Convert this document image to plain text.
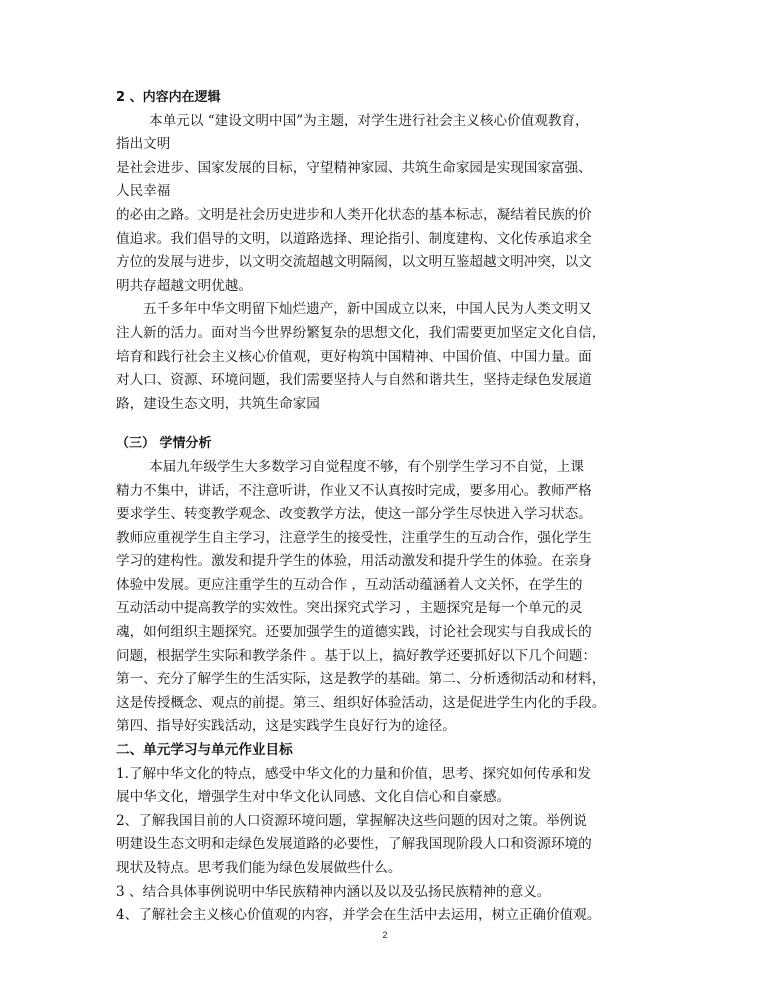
2 、内容内在逻辑
本单元以 “建设文明中国”为主题，对学生进行社会主义核心价值观教育，
指出文明
是社会进步、国家发展的目标，守望精神家园、共筑生命家园是实现国家富强、
人民幸福
的必由之路。文明是社会历史进步和人类开化状态的基本标志，凝结着民族的价
值追求。我们倡导的文明，以道路选择、理论指引、制度建构、文化传承追求全
方位的发展与进步，以文明交流超越文明隔阂，以文明互鉴超越文明冲突，以文
明共存超越文明优越。
五千多年中华文明留下灿烂遗产，新中国成立以来，中国人民为人类文明又
注人新的活力。面对当今世界纷繁复杂的思想文化，我们需要更加坚定文化自信，
培育和践行社会主义核心价值观，更好构筑中国精神、中国价值、中国力量。面
对人口、资源、环境问题，我们需要坚持人与自然和谐共生，坚持走绿色发展道
路，建设生态文明，共筑生命家园
（三） 学情分析
本届九年级学生大多数学习自觉程度不够，有个别学生学习不自觉，上课
精力不集中，讲话，不注意听讲，作业又不认真按时完成，要多用心。教师严格
要求学生、转变教学观念、改变教学方法，使这一部分学生尽快进入学习状态。
教师应重视学生自主学习，注意学生的接受性，注重学生的互动合作，强化学生
学习的建构性。激发和提升学生的体验，用活动激发和提升学生的体验。在亲身
体验中发展。更应注重学生的互动合作 ，互动活动蕴涵着人文关怀，在学生的
互动活动中提高教学的实效性。突出探究式学习 ，主题探究是每一个单元的灵
魂，如何组织主题探究。还要加强学生的道德实践，讨论社会现实与自我成长的
问题，根据学生实际和教学条件 。基于以上，搞好教学还要抓好以下几个问题：
第一、充分了解学生的生活实际，这是教学的基础。第二、分析透彻活动和材料，
这是传授概念、观点的前提。第三、组织好体验活动，这是促进学生内化的手段。
第四、指导好实践活动，这是实践学生良好行为的途径。
二、单元学习与单元作业目标
1.了解中华文化的特点，感受中华文化的力量和价值，思考、探究如何传承和发
展中华文化，增强学生对中华文化认同感、文化自信心和自豪感。
2、了解我国目前的人口资源环境问题，掌握解决这些问题的因对之策。举例说
明建设生态文明和走绿色发展道路的必要性，了解我国现阶段人口和资源环境的
现状及特点。思考我们能为绿色发展做些什么。
3 、结合具体事例说明中华民族精神内涵以及以及弘扬民族精神的意义。
4、了解社会主义核心价值观的内容，并学会在生活中去运用，树立正确价值观。
2
